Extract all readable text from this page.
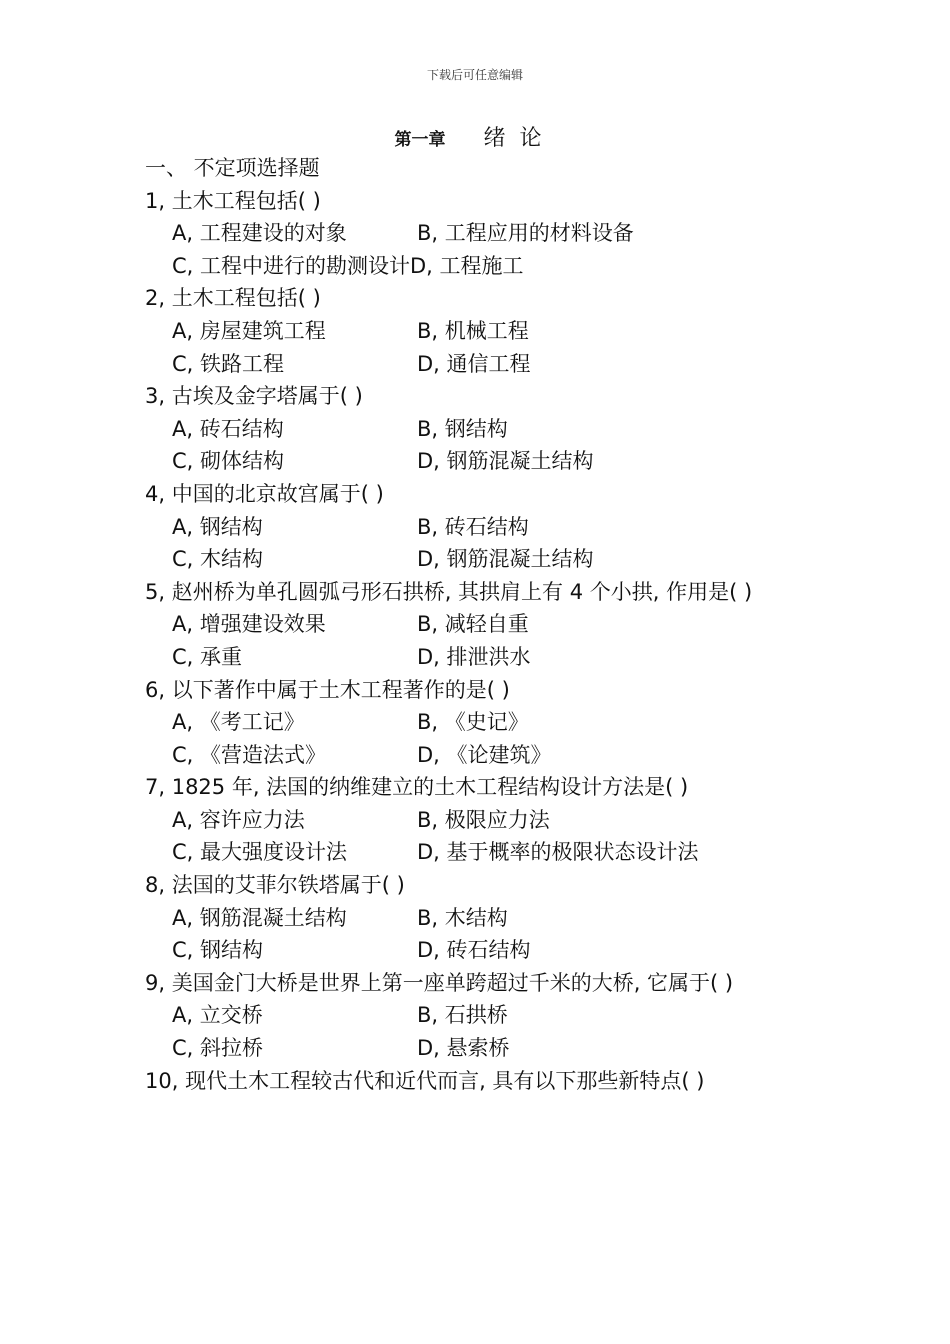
下载后可任意编辑
第一章 绪论
一、 不定项选择题
1, 土木工程包括( )
A, 工程建设的对象	B, 工程应用的材料设备
C, 工程中进行的勘测设计 D, 工程施工
2, 土木工程包括( )
A, 房屋建筑工程	B, 机械工程
C, 铁路工程	D, 通信工程
3, 古埃及金字塔属于( )
A, 砖石结构	B, 钢结构
C, 砌体结构	D, 钢筋混凝土结构
4, 中国的北京故宫属于( )
A, 钢结构	B, 砖石结构
C, 木结构	D, 钢筋混凝土结构
5, 赵州桥为单孔圆弧弓形石拱桥, 其拱肩上有 4 个小拱, 作用是( )
A, 增强建设效果	B, 减轻自重
C, 承重	D, 排泄洪水
6, 以下著作中属于土木工程著作的是( )
A, 《考工记》	B, 《史记》
C, 《营造法式》	D, 《论建筑》
7, 1825 年, 法国的纳维建立的土木工程结构设计方法是( )
A, 容许应力法	B, 极限应力法
C, 最大强度设计法	D, 基于概率的极限状态设计法
8, 法国的艾菲尔铁塔属于( )
A, 钢筋混凝土结构	B, 木结构
C, 钢结构	D, 砖石结构
9, 美国金门大桥是世界上第一座单跨超过千米的大桥, 它属于( )
A, 立交桥	B, 石拱桥
C, 斜拉桥	D, 悬索桥
10, 现代土木工程较古代和近代而言, 具有以下那些新特点( )
